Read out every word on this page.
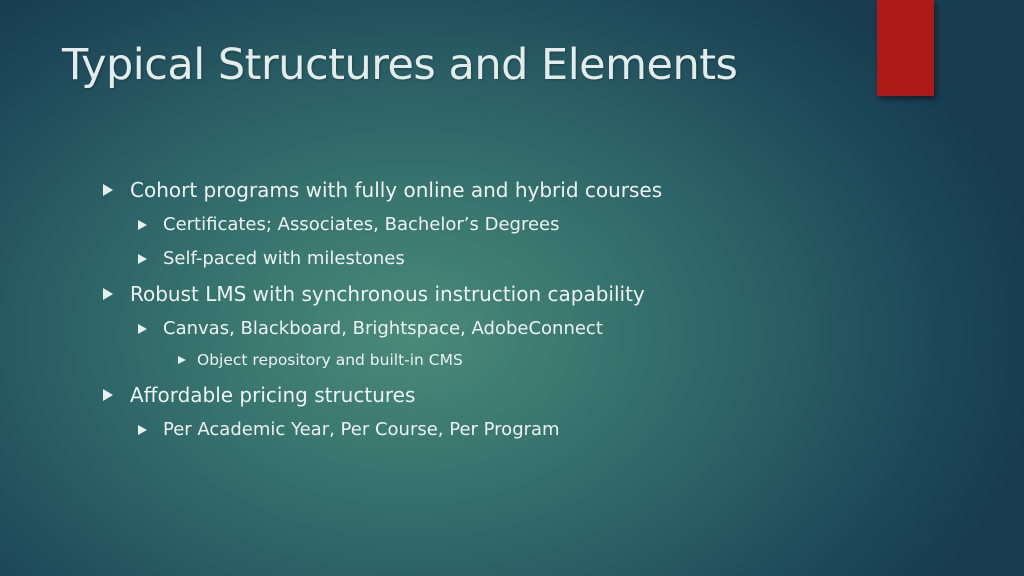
Typical Structures and Elements
Cohort programs with fully online and hybrid courses
Certificates; Associates, Bachelor’s Degrees
Self-paced with milestones
Robust LMS with synchronous instruction capability
Canvas, Blackboard, Brightspace, AdobeConnect
Object repository and built-in CMS
Affordable pricing structures
Per Academic Year, Per Course, Per Program
